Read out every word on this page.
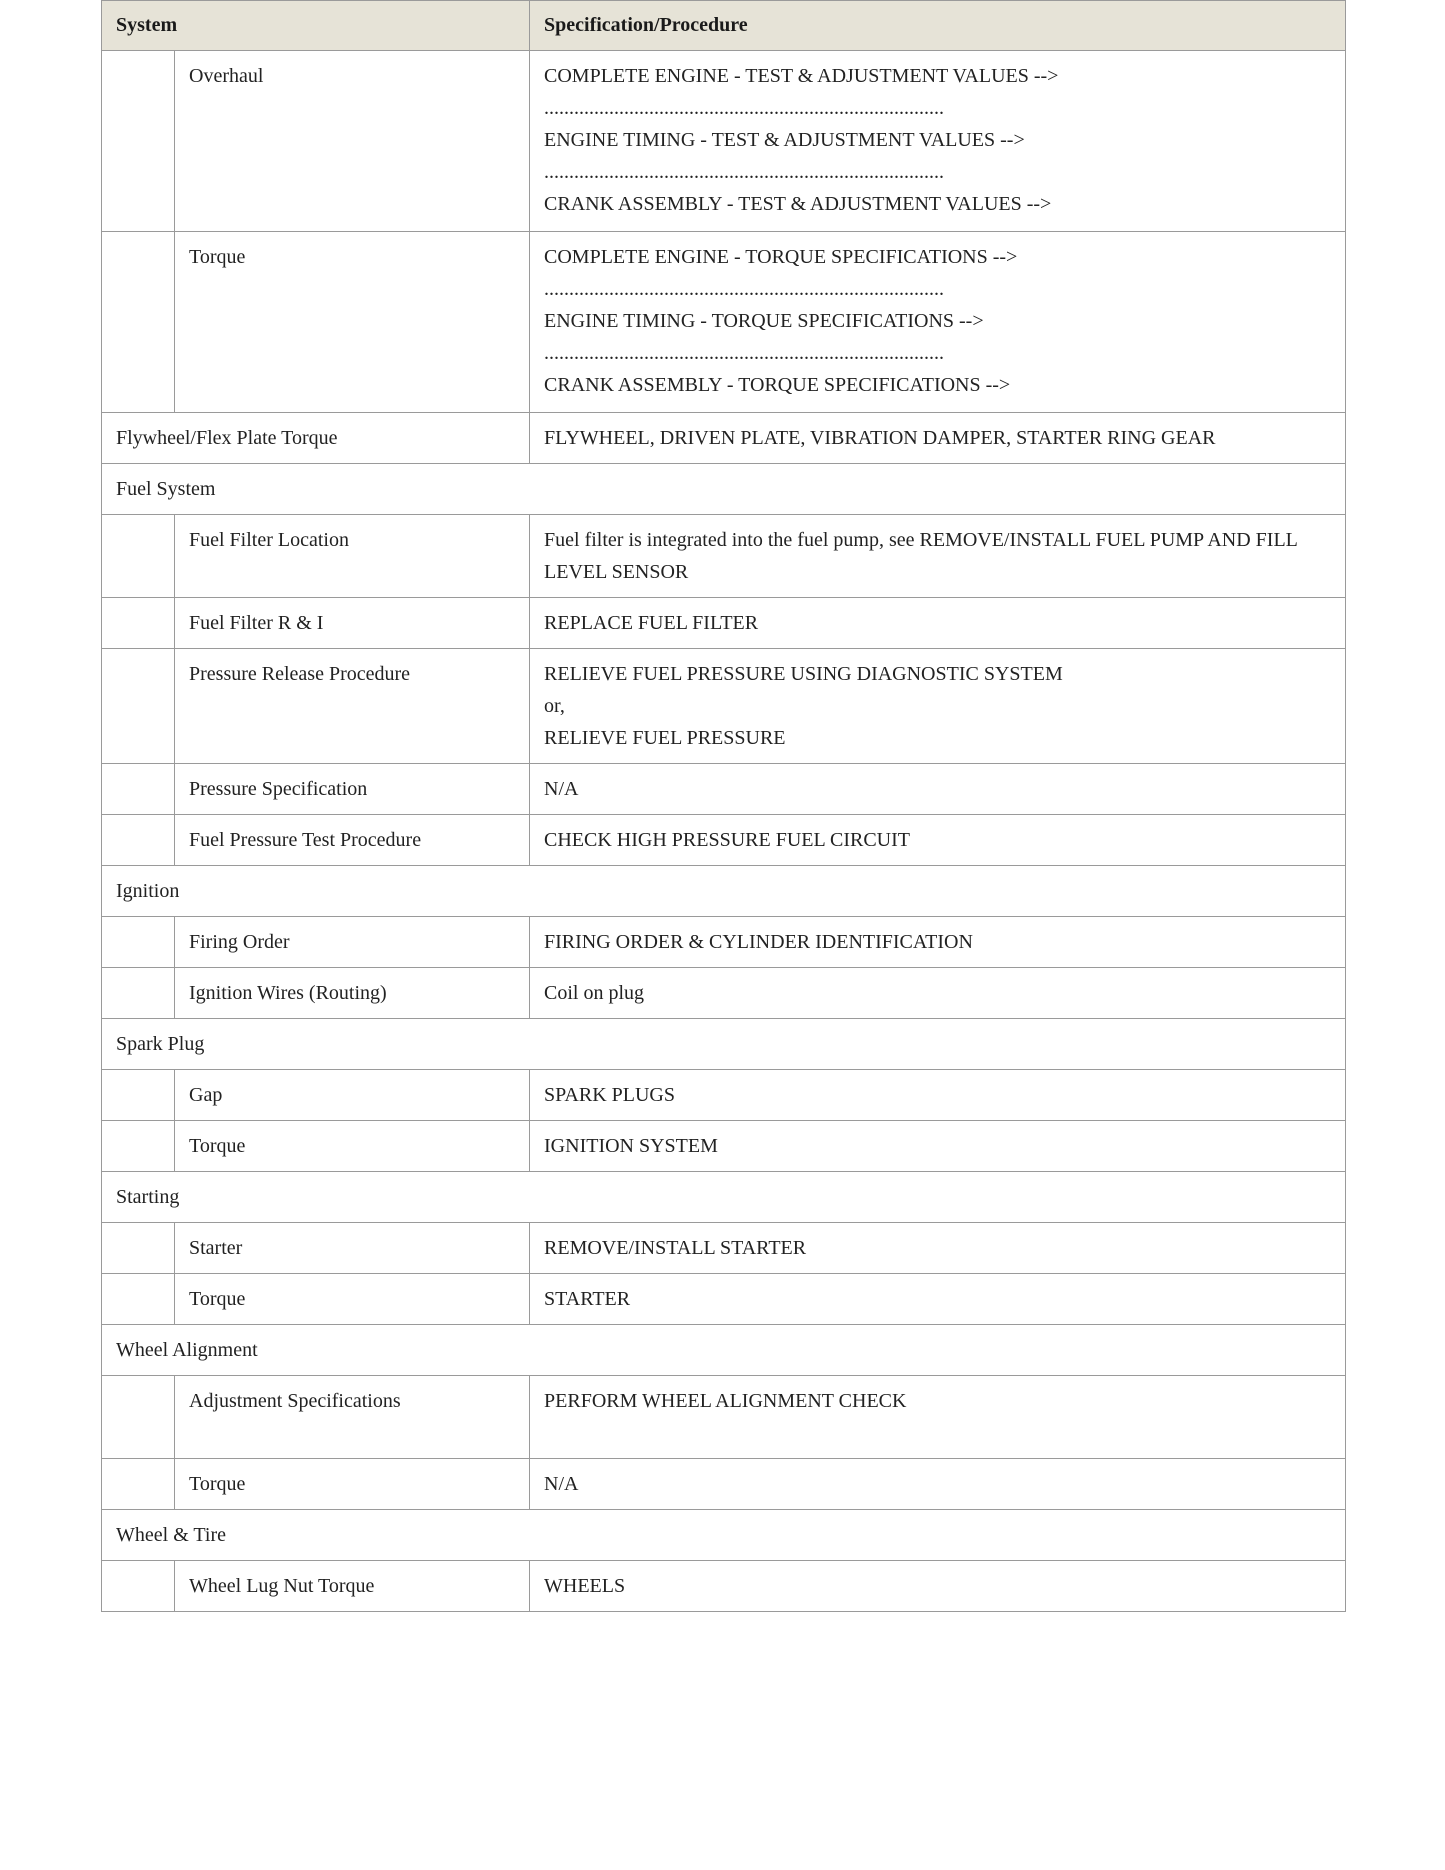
System		Specification/Procedure

	Overhaul	COMPLETE ENGINE - TEST & ADJUSTMENT VALUES -->
................................................................................
ENGINE TIMING - TEST & ADJUSTMENT VALUES -->
................................................................................
CRANK ASSEMBLY - TEST & ADJUSTMENT VALUES -->

	Torque	COMPLETE ENGINE - TORQUE SPECIFICATIONS -->
................................................................................
ENGINE TIMING - TORQUE SPECIFICATIONS -->
................................................................................
CRANK ASSEMBLY - TORQUE SPECIFICATIONS -->

Flywheel/Flex Plate Torque		FLYWHEEL, DRIVEN PLATE, VIBRATION DAMPER, STARTER RING GEAR

Fuel System		

	Fuel Filter Location	Fuel filter is integrated into the fuel pump, see REMOVE/INSTALL FUEL PUMP AND FILL LEVEL SENSOR

	Fuel Filter R & I	REPLACE FUEL FILTER

	Pressure Release Procedure	RELIEVE FUEL PRESSURE USING DIAGNOSTIC SYSTEM
or,
RELIEVE FUEL PRESSURE

	Pressure Specification	N/A

	Fuel Pressure Test Procedure	CHECK HIGH PRESSURE FUEL CIRCUIT

Ignition		

	Firing Order	FIRING ORDER & CYLINDER IDENTIFICATION

	Ignition Wires (Routing)	Coil on plug

Spark Plug		

	Gap	SPARK PLUGS

	Torque	IGNITION SYSTEM

Starting		

	Starter	REMOVE/INSTALL STARTER

	Torque	STARTER

Wheel Alignment		

	Adjustment Specifications	PERFORM WHEEL ALIGNMENT CHECK

	Torque	N/A

Wheel & Tire		

	Wheel Lug Nut Torque	WHEELS
